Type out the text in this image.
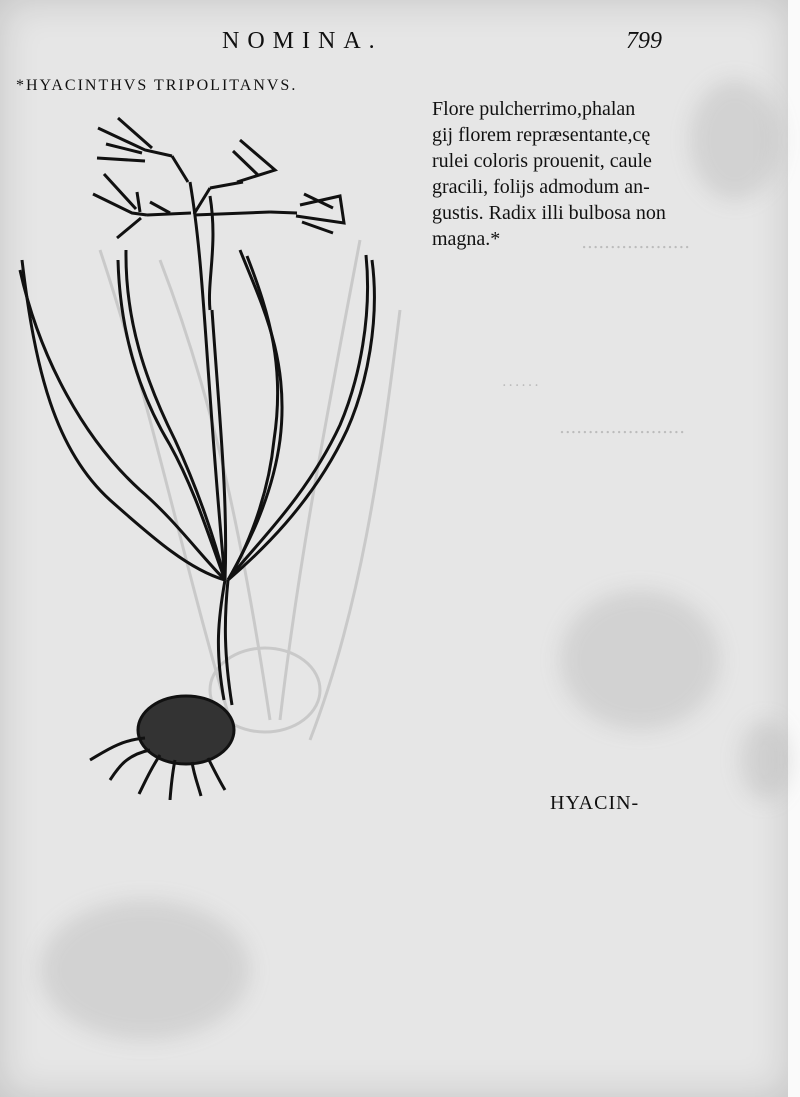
...................
......
......................
NOMINA.	799
*HYACINTHVS TRIPOLITANVS.

Flore pulcherrimo,phalan
gij florem repræsentante,cę
rulei coloris prouenit, caule
gracili, folijs admodum an-
gustis. Radix illi bulbosa non
magna.*

HYACIN-
